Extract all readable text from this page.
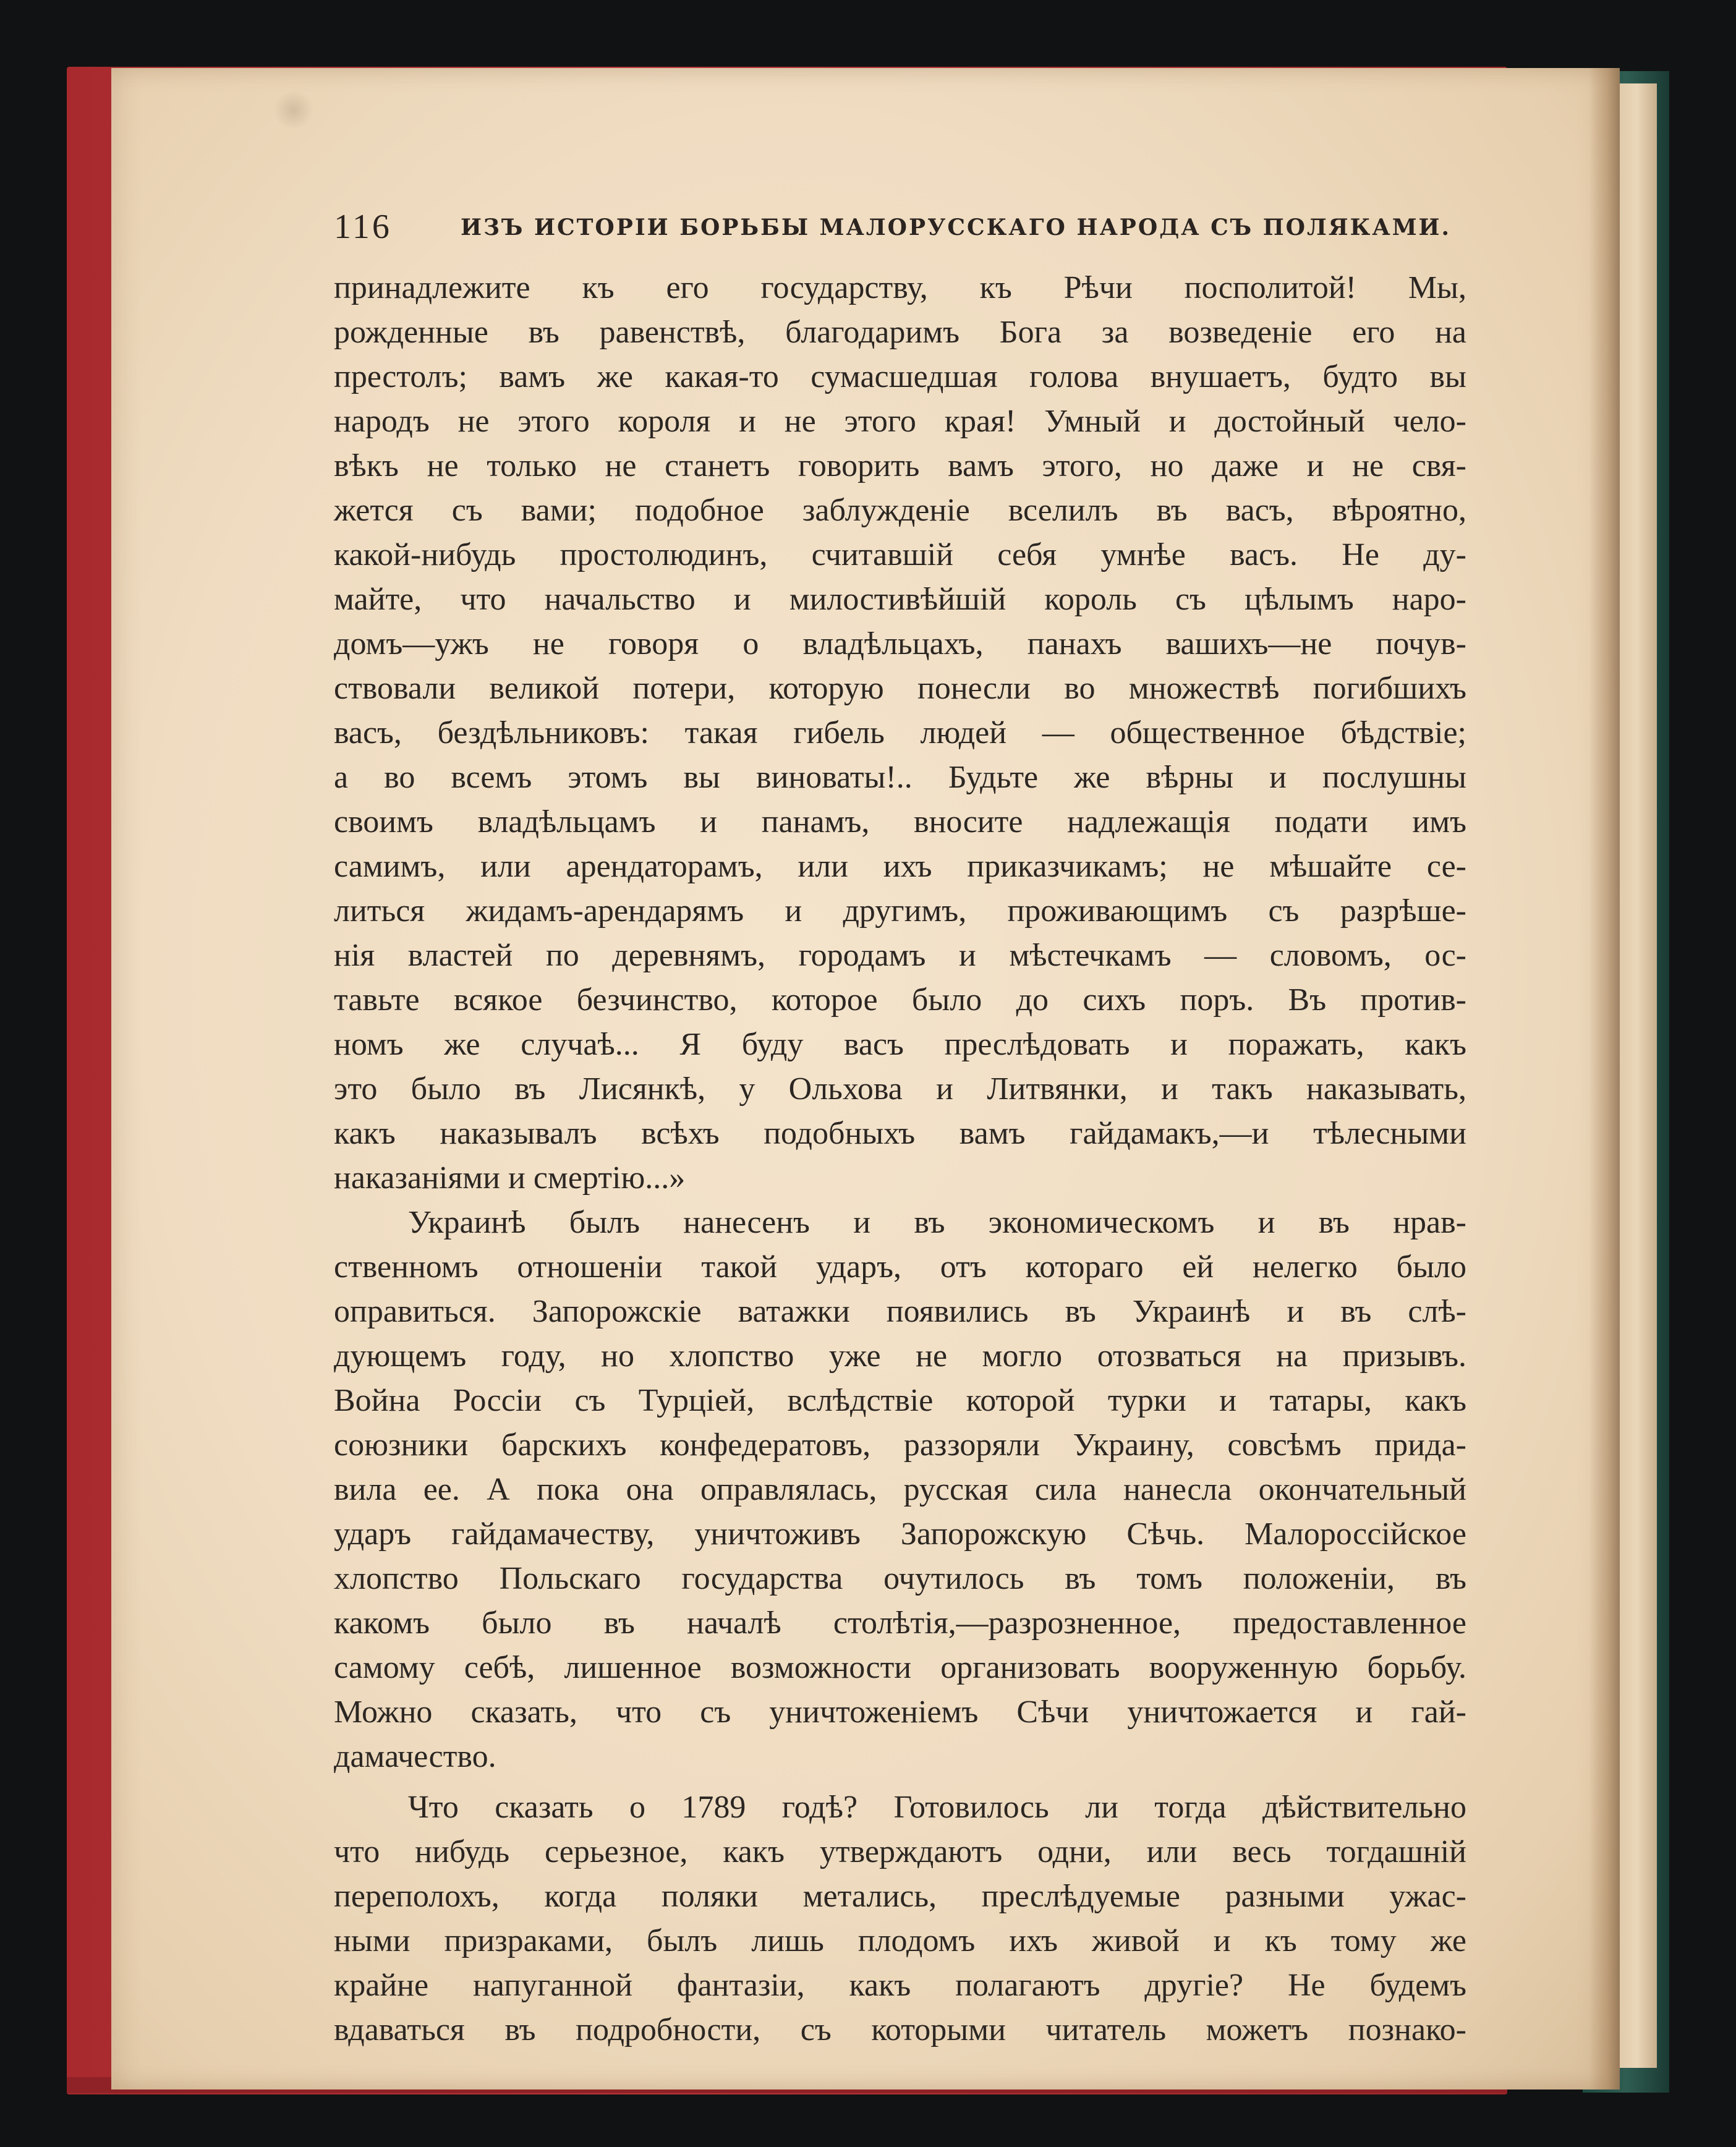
116	ИЗЪ ИСТОРІИ БОРЬБЫ МАЛОРУССКАГО НАРОДА СЪ ПОЛЯКАМИ.
принадлежите къ его государству, къ Рѣчи посполитой! Мы,
рожденные въ равенствѣ, благодаримъ Бога за возведеніе его на
престолъ; вамъ же какая-то сумасшедшая голова внушаетъ, будто вы
народъ не этого короля и не этого края! Умный и достойный чело-
вѣкъ не только не станетъ говорить вамъ этого, но даже и не свя-
жется съ вами; подобное заблужденіе вселилъ въ васъ, вѣроятно,
какой-нибудь простолюдинъ, считавшій себя умнѣе васъ. Не ду-
майте, что начальство и милостивѣйшій король съ цѣлымъ наро-
домъ—ужъ не говоря о владѣльцахъ, панахъ вашихъ—не почув-
ствовали великой потери, которую понесли во множествѣ погибшихъ
васъ, бездѣльниковъ: такая гибель людей — общественное бѣдствіе;
а во всемъ этомъ вы виноваты!.. Будьте же вѣрны и послушны
своимъ владѣльцамъ и панамъ, вносите надлежащія подати имъ
самимъ, или арендаторамъ, или ихъ приказчикамъ; не мѣшайте се-
литься жидамъ-арендарямъ и другимъ, проживающимъ съ разрѣше-
нія властей по деревнямъ, городамъ и мѣстечкамъ — словомъ, ос-
тавьте всякое безчинство, которое было до сихъ поръ. Въ против-
номъ же случаѣ... Я буду васъ преслѣдовать и поражать, какъ
это было въ Лисянкѣ, у Ольхова и Литвянки, и такъ наказывать,
какъ наказывалъ всѣхъ подобныхъ вамъ гайдамакъ,—и тѣлесными
наказаніями и смертію...»
Украинѣ былъ нанесенъ и въ экономическомъ и въ нрав-
ственномъ отношеніи такой ударъ, отъ котораго ей нелегко было
оправиться. Запорожскіе ватажки появились въ Украинѣ и въ слѣ-
дующемъ году, но хлопство уже не могло отозваться на призывъ.
Война Россіи съ Турціей, вслѣдствіе которой турки и татары, какъ
союзники барскихъ конфедератовъ, раззоряли Украину, совсѣмъ прида-
вила ее. А пока она оправлялась, русская сила нанесла окончательный
ударъ гайдамачеству, уничтоживъ Запорожскую Сѣчь. Малороссійское
хлопство Польскаго государства очутилось въ томъ положеніи, въ
какомъ было въ началѣ столѣтія,—разрозненное, предоставленное
самому себѣ, лишенное возможности организовать вооруженную борьбу.
Можно сказать, что съ уничтоженіемъ Сѣчи уничтожается и гай-
дамачество.
Что сказать о 1789 годѣ? Готовилось ли тогда дѣйствительно
что нибудь серьезное, какъ утверждаютъ одни, или весь тогдашній
переполохъ, когда поляки метались, преслѣдуемые разными ужас-
ными призраками, былъ лишь плодомъ ихъ живой и къ тому же
крайне напуганной фантазіи, какъ полагаютъ другіе? Не будемъ
вдаваться въ подробности, съ которыми читатель можетъ познако-
